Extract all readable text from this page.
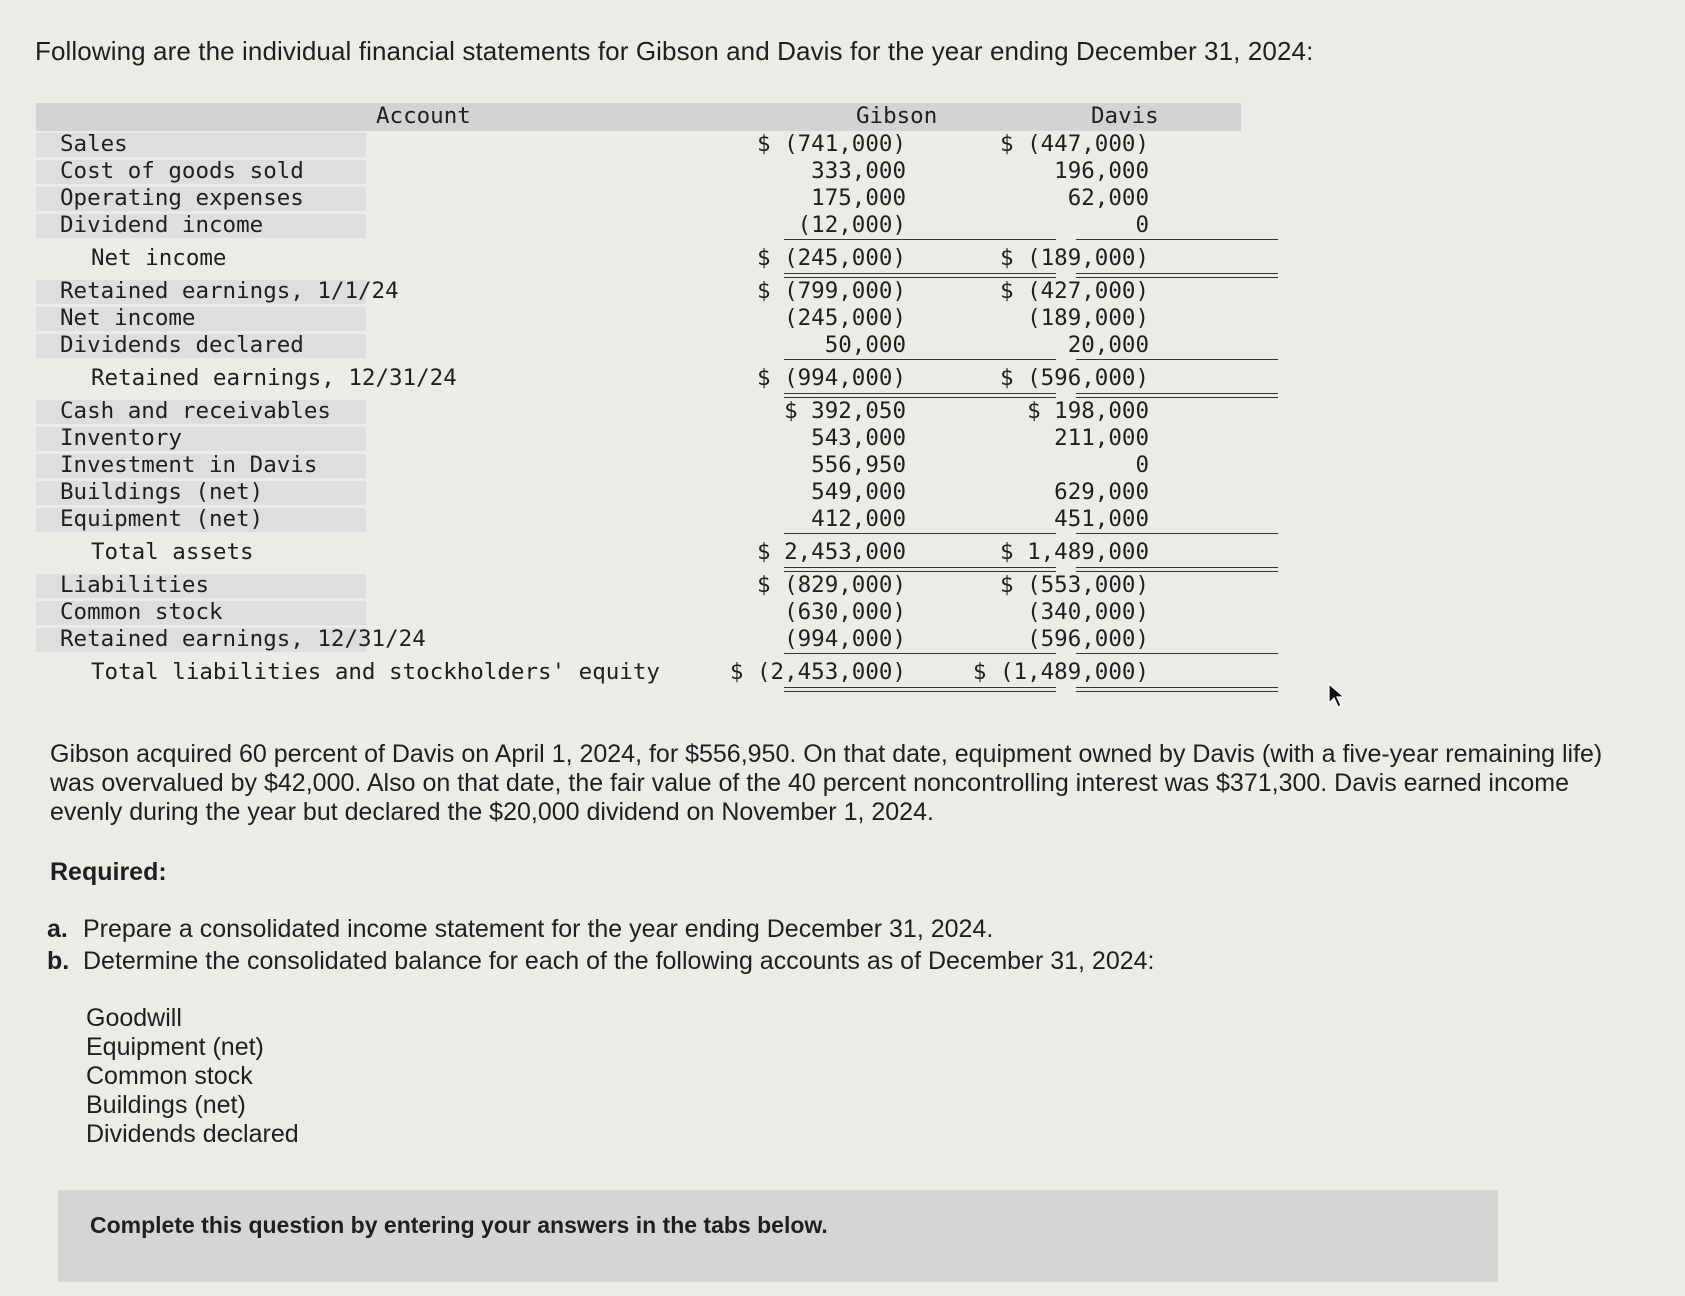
Following are the individual financial statements for Gibson and Davis for the year ending December 31, 2024:
Account	Gibson	Davis
Sales	$ (741,000)	$ (447,000)
Cost of goods sold	333,000	196,000
Operating expenses	175,000	62,000
Dividend income	(12,000)	0
Net income	$ (245,000)	$ (189,000)
Retained earnings, 1/1/24	$ (799,000)	$ (427,000)
Net income	(245,000)	(189,000)
Dividends declared	50,000	20,000
Retained earnings, 12/31/24	$ (994,000)	$ (596,000)
Cash and receivables	$ 392,050	$ 198,000
Inventory	543,000	211,000
Investment in Davis	556,950	0
Buildings (net)	549,000	629,000
Equipment (net)	412,000	451,000
Total assets	$ 2,453,000	$ 1,489,000
Liabilities	$ (829,000)	$ (553,000)
Common stock	(630,000)	(340,000)
Retained earnings, 12/31/24	(994,000)	(596,000)
Total liabilities and stockholders' equity	$ (2,453,000)	$ (1,489,000)
Gibson acquired 60 percent of Davis on April 1, 2024, for $556,950. On that date, equipment owned by Davis (with a five-year remaining life) was overvalued by $42,000. Also on that date, the fair value of the 40 percent noncontrolling interest was $371,300. Davis earned income evenly during the year but declared the $20,000 dividend on November 1, 2024.
Required:
a. Prepare a consolidated income statement for the year ending December 31, 2024.
b. Determine the consolidated balance for each of the following accounts as of December 31, 2024:
Goodwill
Equipment (net)
Common stock
Buildings (net)
Dividends declared
Complete this question by entering your answers in the tabs below.
